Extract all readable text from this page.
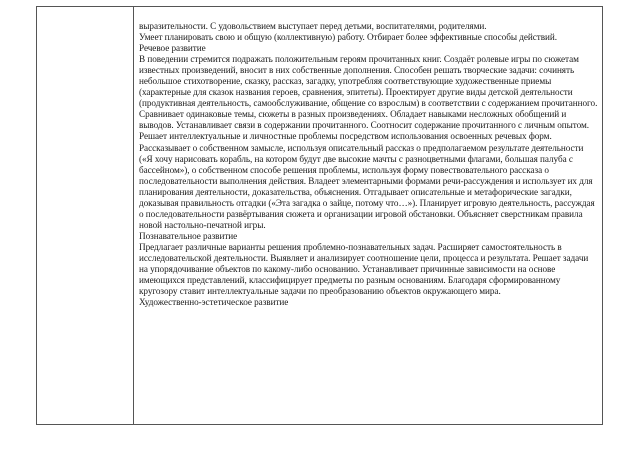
выразительности. С удовольствием выступает перед детьми, воспитателями, родителями.

Умеет планировать свою и общую (коллективную) работу. Отбирает более эффективные способы действий.

Речевое развитие

В поведении стремится подражать положительным героям прочитанных книг. Создаёт ролевые игры по сюжетам известных произведений, вносит в них собственные дополнения. Способен решать творческие задачи: сочинять небольшое стихотворение, сказку, рассказ, загадку, употребляя соответствующие художественные приемы (характерные для сказок названия героев, сравнения, эпитеты). Проектирует другие виды детской деятельности (продуктивная деятельность, самообслуживание, общение со взрослым) в соответствии с содержанием прочитанного. Сравнивает одинаковые темы, сюжеты в разных произведениях. Обладает навыками несложных обобщений и выводов. Устанавливает связи в содержании прочитанного. Соотносит содержание прочитанного с личным опытом.

Решает интеллектуальные и личностные проблемы посредством использования освоенных речевых форм. Рассказывает о собственном замысле, используя описательный рассказ о предполагаемом результате деятельности («Я хочу нарисовать корабль, на котором будут две высокие мачты с разноцветными флагами, большая палуба с бассейном»), о собственном способе решения проблемы, используя форму повествовательного рассказа о последовательности выполнения действия. Владеет элементарными формами речи-рассуждения и использует их для планирования деятельности, доказательства, объяснения. Отгадывает описательные и метафорические загадки, доказывая правильность отгадки («Эта загадка о зайце, потому что…»). Планирует игровую деятельность, рассуждая о последовательности развёртывания сюжета и организации игровой обстановки. Объясняет сверстникам правила новой настольно-печатной игры.

Познавательное развитие

Предлагает различные варианты решения проблемно-познавательных задач. Расширяет самостоятельность в исследовательской деятельности. Выявляет и анализирует соотношение цели, процесса и результата. Решает задачи на упорядочивание объектов по какому-либо основанию. Устанавливает причинные зависимости на основе имеющихся представлений, классифицирует предметы по разным основаниям. Благодаря сформированному кругозору ставит интеллектуальные задачи по преобразованию объектов окружающего мира.

Художественно-эстетическое развитие
